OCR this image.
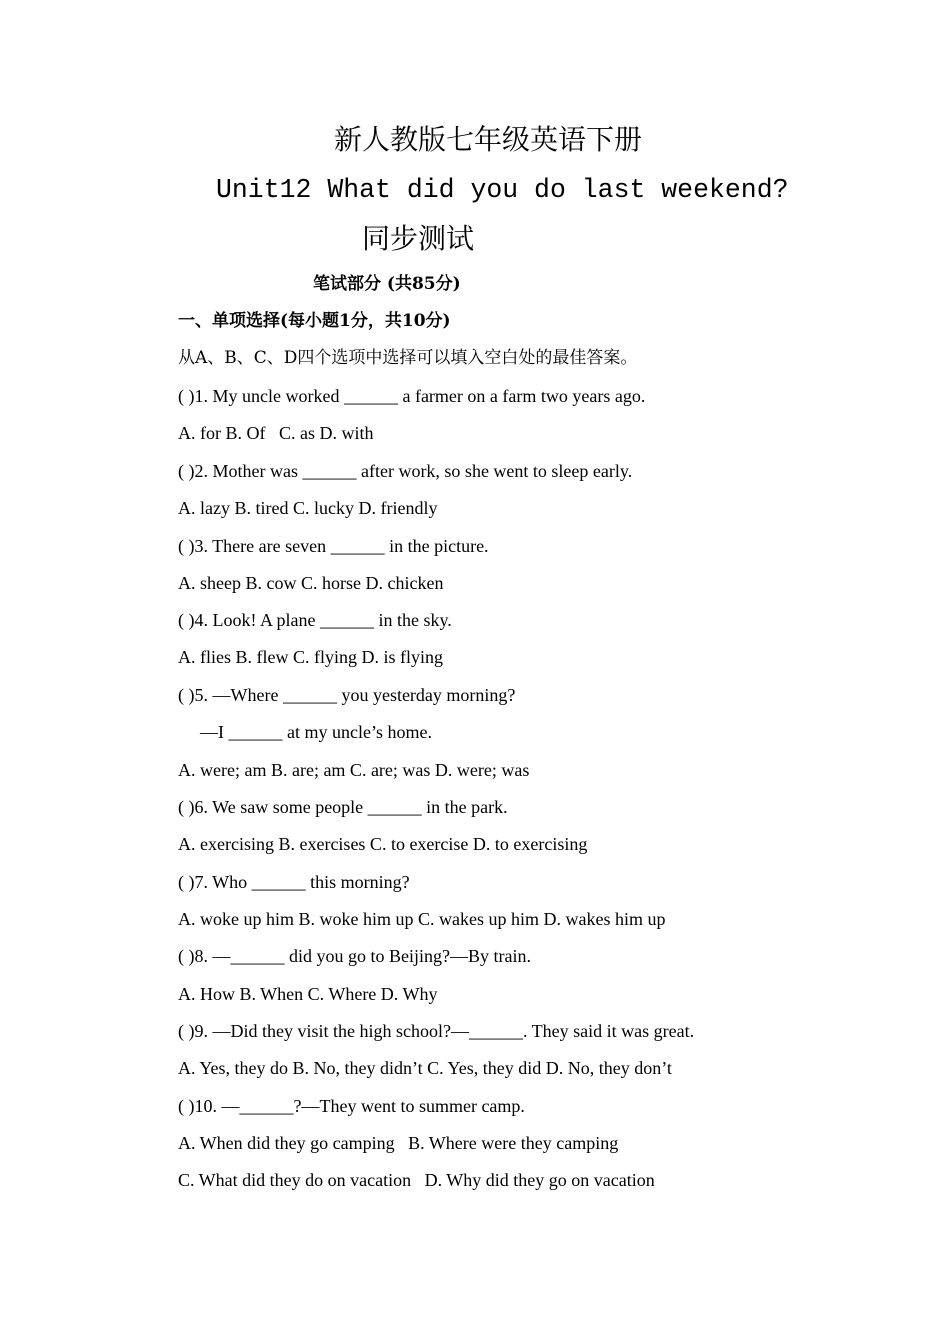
新人教版七年级英语下册
Unit12 What did you do last weekend?
同步测试
笔试部分 (共85分)
一、单项选择(每小题1分，共10分)
从A、B、C、D四个选项中选择可以填入空白处的最佳答案。
( )1. My uncle worked ______ a farmer on a farm two years ago.
A. for B. Of   C. as D. with
( )2. Mother was ______ after work, so she went to sleep early.
A. lazy B. tired C. lucky D. friendly
( )3. There are seven ______ in the picture.
A. sheep B. cow C. horse D. chicken
( )4. Look! A plane ______ in the sky.
A. flies B. flew C. flying D. is flying
( )5. —Where ______ you yesterday morning?
—I ______ at my uncle’s home.
A. were; am B. are; am C. are; was D. were; was
( )6. We saw some people ______ in the park.
A. exercising B. exercises C. to exercise D. to exercising
( )7. Who ______ this morning?
A. woke up him B. woke him up C. wakes up him D. wakes him up
( )8. —______ did you go to Beijing?—By train.
A. How B. When C. Where D. Why
( )9. —Did they visit the high school?—______. They said it was great.
A. Yes, they do B. No, they didn’t C. Yes, they did D. No, they don’t
( )10. —______?—They went to summer camp.
A. When did they go camping   B. Where were they camping
C. What did they do on vacation   D. Why did they go on vacation
